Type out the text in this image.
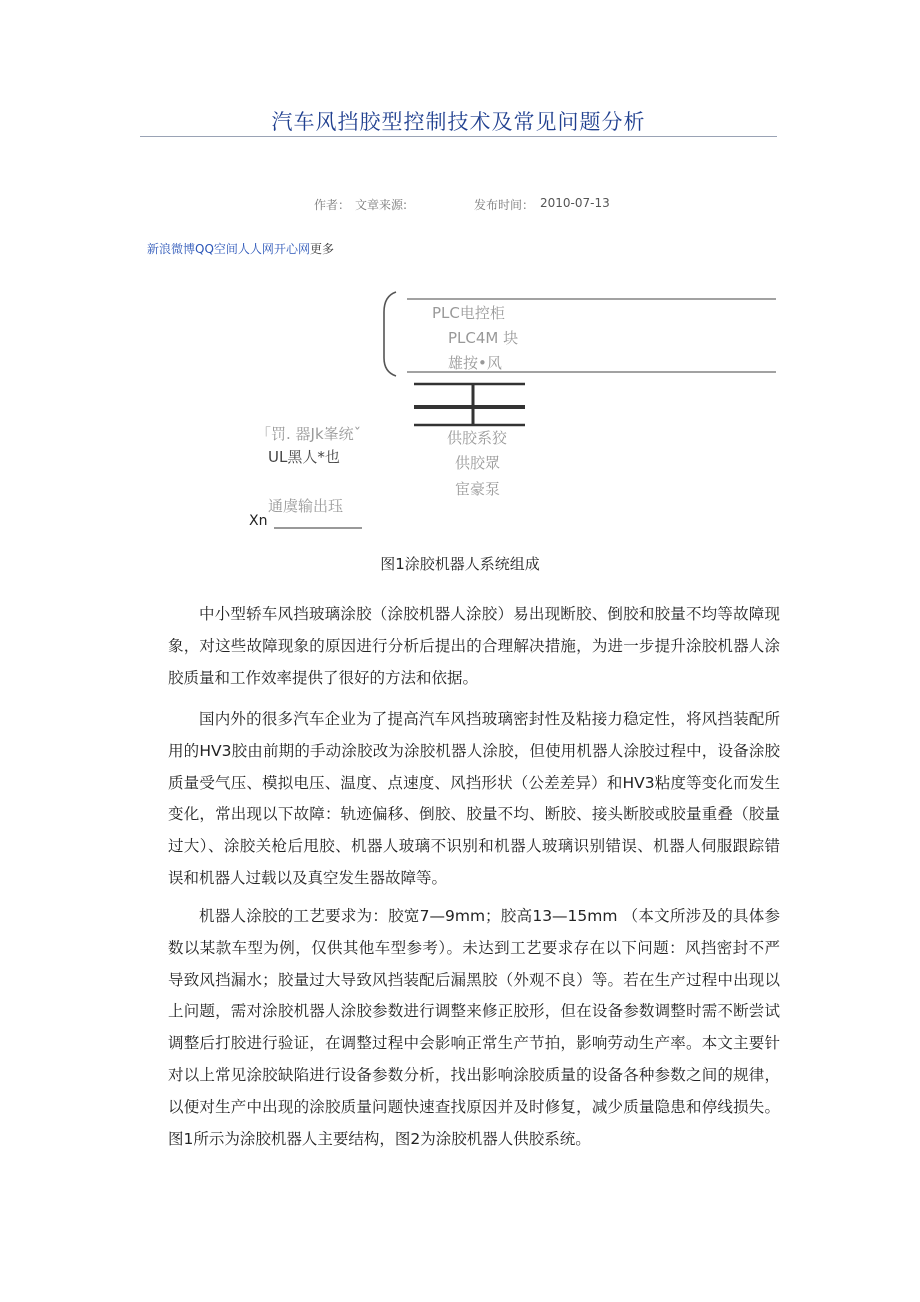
汽车风挡胶型控制技术及常见问题分析
作者： 文章来源:	发布时间： 2010-07-13
新浪微博QQ空间人人网开心网更多
PLC电控柜
PLC4M 块
雄按•风
供胶系狡
供胶眾
宦豪泵
「罚. 器Jk峯统ˇ
UL黑人*也
通虞输出珏
Xn
图1涂胶机器人系统组成

中小型轿车风挡玻璃涂胶（涂胶机器人涂胶）易出现断胶、倒胶和胶量不均等故障现象，对这些故障现象的原因进行分析后提出的合理解决措施，为进一步提升涂胶机器人涂胶质量和工作效率提供了很好的方法和依据。

国内外的很多汽车企业为了提高汽车风挡玻璃密封性及粘接力稳定性，将风挡装配所用的HV3胶由前期的手动涂胶改为涂胶机器人涂胶，但使用机器人涂胶过程中，设备涂胶质量受气压、模拟电压、温度、点速度、风挡形状（公差差异）和HV3粘度等变化而发生变化，常出现以下故障：轨迹偏移、倒胶、胶量不均、断胶、接头断胶或胶量重叠（胶量过大）、涂胶关枪后甩胶、机器人玻璃不识别和机器人玻璃识别错误、机器人伺服跟踪错误和机器人过载以及真空发生器故障等。

机器人涂胶的工艺要求为：胶宽7—9mm；胶高13—15mm （本文所涉及的具体参数以某款车型为例，仅供其他车型参考）。未达到工艺要求存在以下问题：风挡密封不严导致风挡漏水；胶量过大导致风挡装配后漏黑胶（外观不良）等。若在生产过程中出现以上问题，需对涂胶机器人涂胶参数进行调整来修正胶形，但在设备参数调整时需不断尝试调整后打胶进行验证，在调整过程中会影响正常生产节拍，影响劳动生产率。本文主要针对以上常见涂胶缺陷进行设备参数分析，找出影响涂胶质量的设备各种参数之间的规律，以便对生产中出现的涂胶质量问题快速查找原因并及时修复，减少质量隐患和停线损失。图1所示为涂胶机器人主要结构，图2为涂胶机器人供胶系统。
